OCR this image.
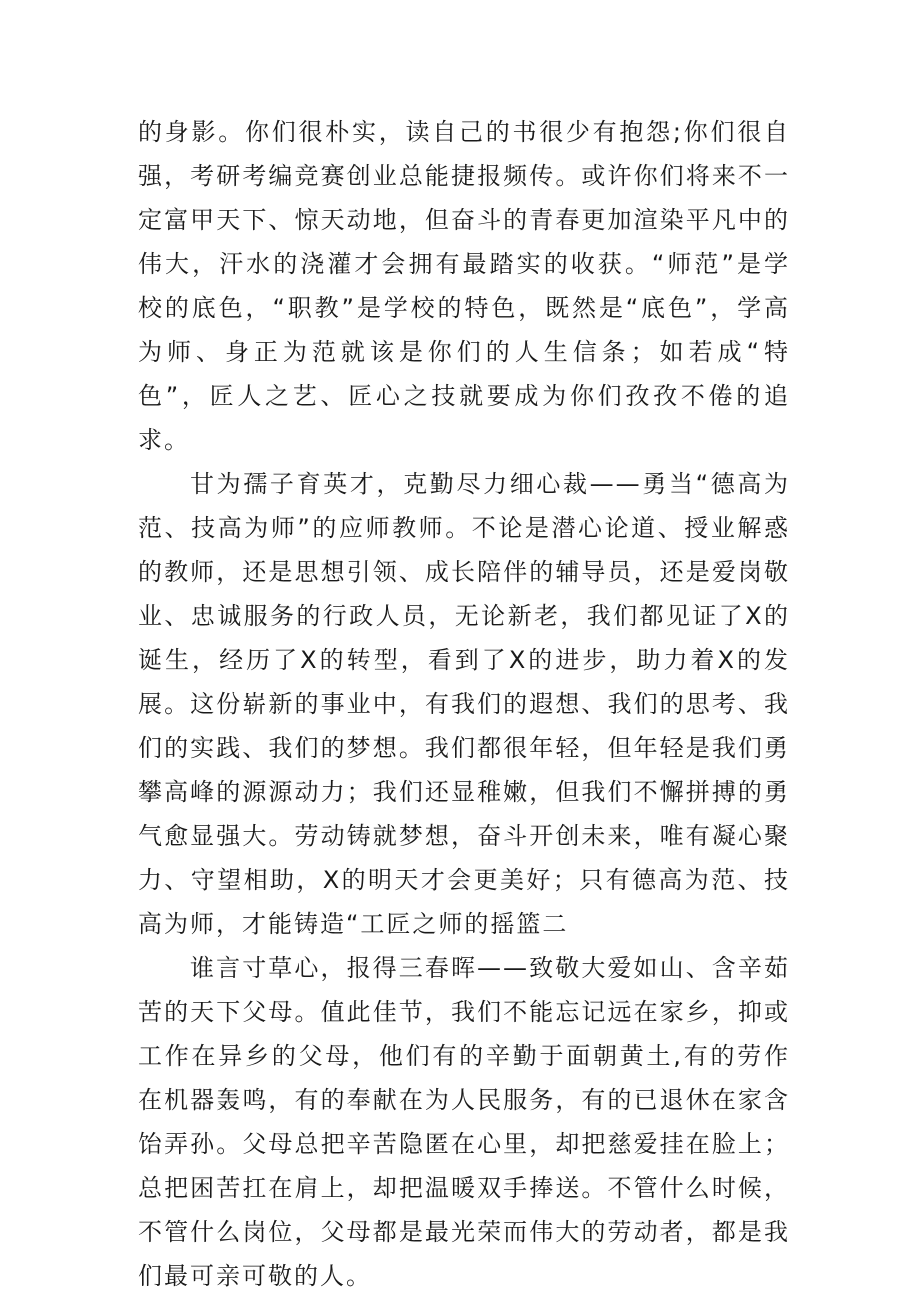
的身影。你们很朴实，读自己的书很少有抱怨;你们很自强，考研考编竞赛创业总能捷报频传。或许你们将来不一定富甲天下、惊天动地，但奋斗的青春更加渲染平凡中的伟大，汗水的浇灌才会拥有最踏实的收获。“师范”是学校的底色，“职教”是学校的特色，既然是“底色”，学高为师、身正为范就该是你们的人生信条；如若成“特色”，匠人之艺、匠心之技就要成为你们孜孜不倦的追求。

甘为孺子育英才，克勤尽力细心裁——勇当“德高为范、技高为师”的应师教师。不论是潜心论道、授业解惑的教师，还是思想引领、成长陪伴的辅导员，还是爱岗敬业、忠诚服务的行政人员，无论新老，我们都见证了X的诞生，经历了X的转型，看到了X的进步，助力着X的发展。这份崭新的事业中，有我们的遐想、我们的思考、我们的实践、我们的梦想。我们都很年轻，但年轻是我们勇攀高峰的源源动力；我们还显稚嫩，但我们不懈拼搏的勇气愈显强大。劳动铸就梦想，奋斗开创未来，唯有凝心聚力、守望相助，X的明天才会更美好；只有德高为范、技高为师，才能铸造“工匠之师的摇篮二

谁言寸草心，报得三春晖——致敬大爱如山、含辛茹苦的天下父母。值此佳节，我们不能忘记远在家乡，抑或工作在异乡的父母，他们有的辛勤于面朝黄土,有的劳作在机器轰鸣，有的奉献在为人民服务，有的已退休在家含饴弄孙。父母总把辛苦隐匿在心里，却把慈爱挂在脸上；总把困苦扛在肩上，却把温暖双手捧送。不管什么时候，不管什么岗位，父母都是最光荣而伟大的劳动者，都是我们最可亲可敬的人。
